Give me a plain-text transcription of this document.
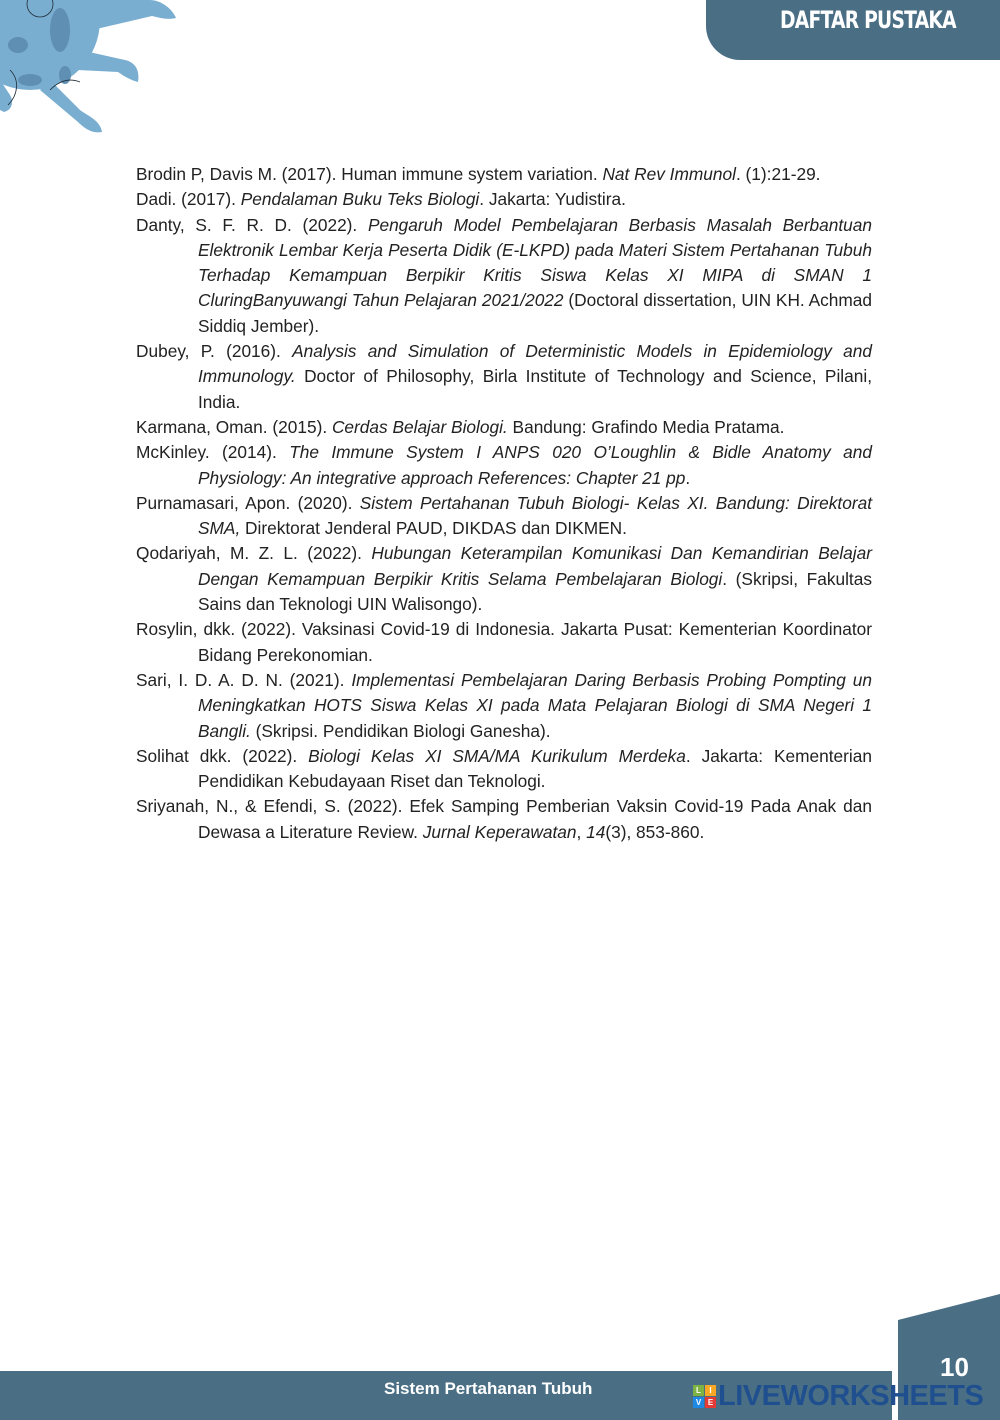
DAFTAR PUSTAKA

Brodin P, Davis M. (2017). Human immune system variation. Nat Rev Immunol. (1):21-29.

Dadi. (2017). Pendalaman Buku Teks Biologi. Jakarta: Yudistira.

Danty, S. F. R. D. (2022). Pengaruh Model Pembelajaran Berbasis Masalah Berbantuan Elektronik Lembar Kerja Peserta Didik (E-LKPD) pada Materi Sistem Pertahanan Tubuh Terhadap Kemampuan Berpikir Kritis Siswa Kelas XI MIPA di SMAN 1 CluringBanyuwangi Tahun Pelajaran 2021/2022 (Doctoral dissertation, UIN KH. Achmad Siddiq Jember).

Dubey, P. (2016). Analysis and Simulation of Deterministic Models in Epidemiology and Immunology. Doctor of Philosophy, Birla Institute of Technology and Science, Pilani, India.

Karmana, Oman. (2015). Cerdas Belajar Biologi. Bandung: Grafindo Media Pratama.

McKinley. (2014). The Immune System I ANPS 020 O’Loughlin & Bidle Anatomy and Physiology: An integrative approach References: Chapter 21 pp.

Purnamasari, Apon. (2020). Sistem Pertahanan Tubuh Biologi- Kelas XI. Bandung: Direktorat SMA, Direktorat Jenderal PAUD, DIKDAS dan DIKMEN.

Qodariyah, M. Z. L. (2022). Hubungan Keterampilan Komunikasi Dan Kemandirian Belajar Dengan Kemampuan Berpikir Kritis Selama Pembelajaran Biologi. (Skripsi, Fakultas Sains dan Teknologi UIN Walisongo).

Rosylin, dkk. (2022). Vaksinasi Covid-19 di Indonesia. Jakarta Pusat: Kementerian Koordinator Bidang Perekonomian.

Sari, I. D. A. D. N. (2021). Implementasi Pembelajaran Daring Berbasis Probing Pompting un Meningkatkan HOTS Siswa Kelas XI pada Mata Pelajaran Biologi di SMA Negeri 1 Bangli. (Skripsi. Pendidikan Biologi Ganesha).

Solihat dkk. (2022). Biologi Kelas XI SMA/MA Kurikulum Merdeka. Jakarta: Kementerian Pendidikan Kebudayaan Riset dan Teknologi.

Sriyanah, N., & Efendi, S. (2022). Efek Samping Pemberian Vaksin Covid-19 Pada Anak dan Dewasa a Literature Review. Jurnal Keperawatan, 14(3), 853-860.

Sistem Pertahanan Tubuh
10
L	I
V E LIVEWORKSHEETS
